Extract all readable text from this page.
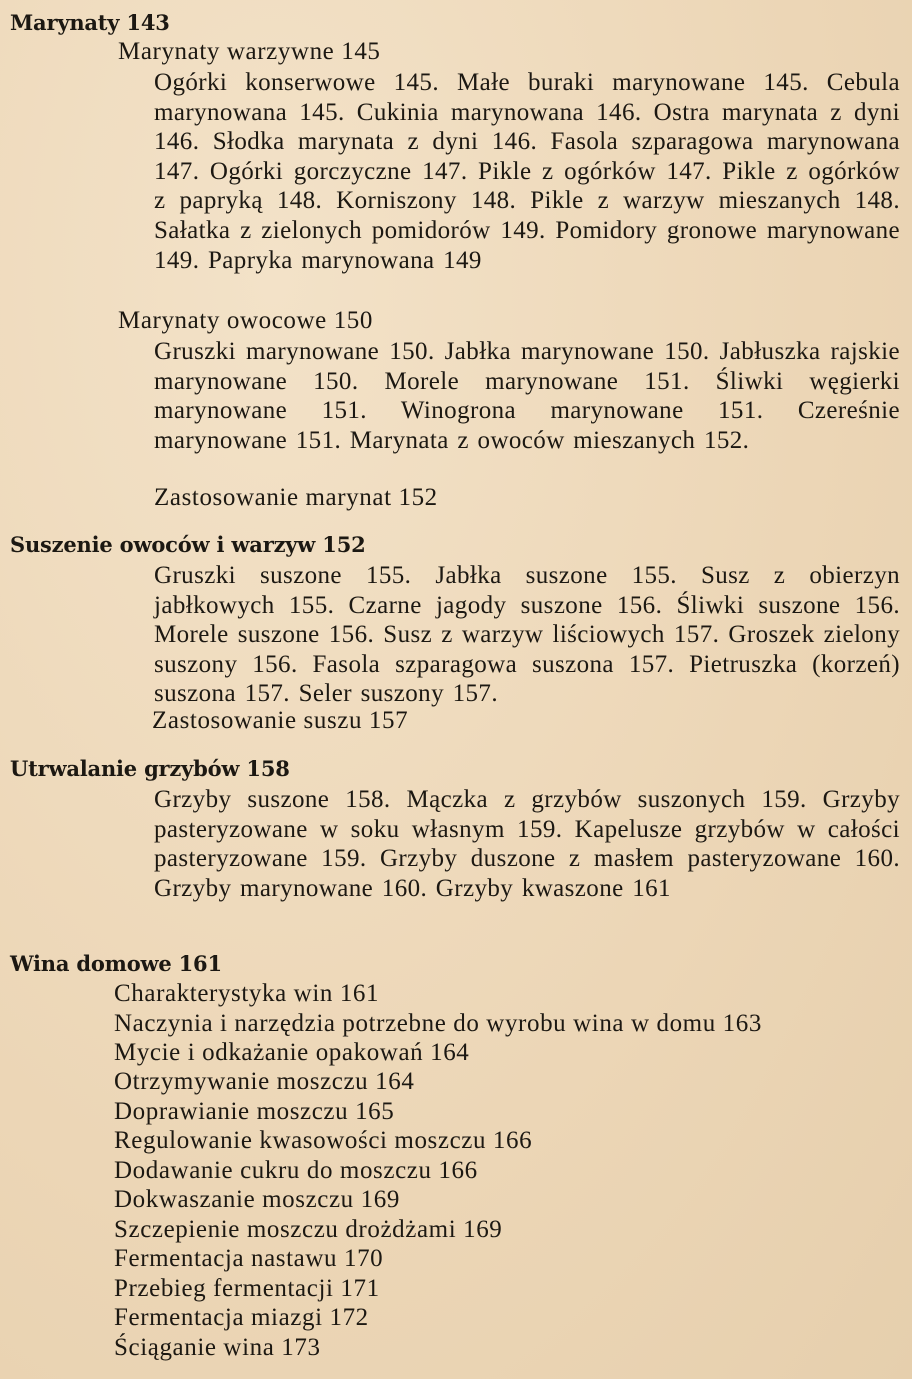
Marynaty 143
Marynaty warzywne 145
Ogórki konserwowe 145. Małe buraki marynowane 145. Cebula marynowana 145. Cukinia marynowana 146. Ostra marynata z dyni 146. Słodka marynata z dyni 146. Fasola szparagowa marynowana 147. Ogórki gorczyczne 147. Pikle z ogórków 147. Pikle z ogórków z papryką 148. Korniszony 148. Pikle z warzyw mieszanych 148. Sałatka z zielonych pomidorów 149. Pomidory gronowe marynowane 149. Papryka marynowana 149
Marynaty owocowe 150
Gruszki marynowane 150. Jabłka marynowane 150. Jabłuszka rajskie marynowane 150. Morele marynowane 151. Śliwki węgierki marynowane 151. Winogrona marynowane 151. Czereśnie marynowane 151. Marynata z owoców mieszanych 152.
Zastosowanie marynat 152
Suszenie owoców i warzyw 152
Gruszki suszone 155. Jabłka suszone 155. Susz z obierzyn jabłkowych 155. Czarne jagody suszone 156. Śliwki suszone 156. Morele suszone 156. Susz z warzyw liściowych 157. Groszek zielony suszony 156. Fasola szparagowa suszona 157. Pietruszka (korzeń) suszona 157. Seler suszony 157.
Zastosowanie suszu 157
Utrwalanie grzybów 158
Grzyby suszone 158. Mączka z grzybów suszonych 159. Grzyby pasteryzowane w soku własnym 159. Kapelusze grzybów w całości pasteryzowane 159. Grzyby duszone z masłem pasteryzowane 160. Grzyby marynowane 160. Grzyby kwaszone 161
Wina domowe 161
Charakterystyka win 161
Naczynia i narzędzia potrzebne do wyrobu wina w domu 163
Mycie i odkażanie opakowań 164
Otrzymywanie moszczu 164
Doprawianie moszczu 165
Regulowanie kwasowości moszczu 166
Dodawanie cukru do moszczu 166
Dokwaszanie moszczu 169
Szczepienie moszczu drożdżami 169
Fermentacja nastawu 170
Przebieg fermentacji 171
Fermentacja miazgi 172
Ściąganie wina 173
